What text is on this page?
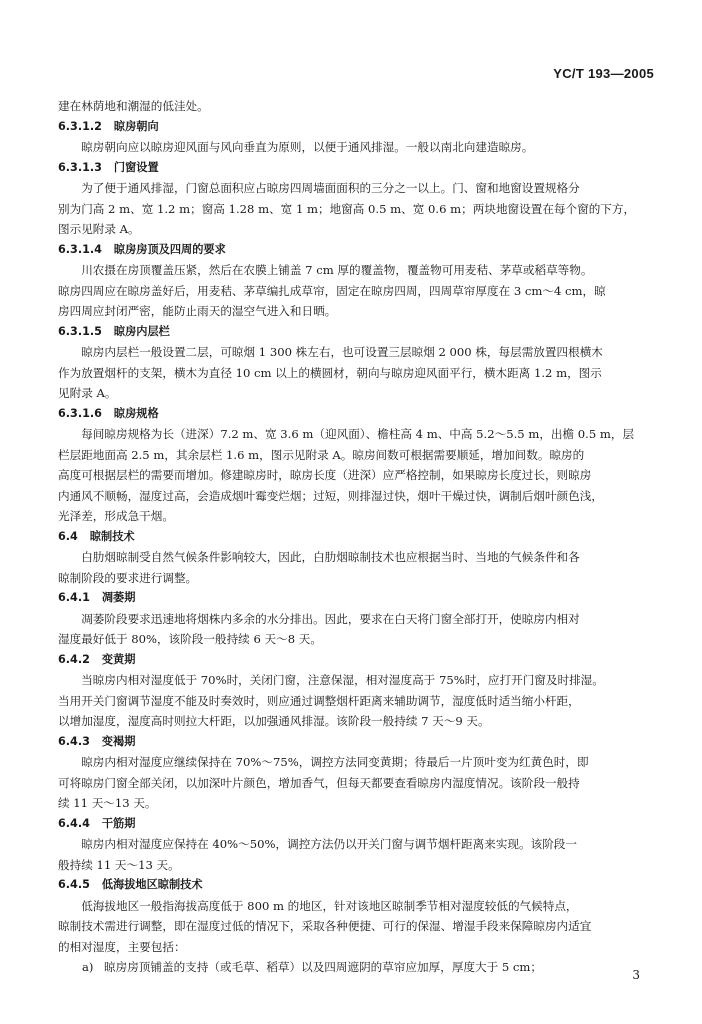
YC/T 193—2005

建在林荫地和潮湿的低洼处。

6.3.1.2 晾房朝向

晾房朝向应以晾房迎风面与风向垂直为原则，以便于通风排湿。一般以南北向建造晾房。

6.3.1.3 门窗设置

为了便于通风排湿，门窗总面积应占晾房四周墙面面积的三分之一以上。门、窗和地窗设置规格分

别为门高 2 m、宽 1.2 m；窗高 1.28 m、宽 1 m；地窗高 0.5 m、宽 0.6 m；两块地窗设置在每个窗的下方，

图示见附录 A。

6.3.1.4 晾房房顶及四周的要求

川农摄在房顶覆盖压紧，然后在农膜上铺盖 7 cm 厚的覆盖物，覆盖物可用麦秸、茅草或稻草等物。

晾房四周应在晾房盖好后，用麦秸、茅草编扎成草帘，固定在晾房四周，四周草帘厚度在 3 cm～4 cm，晾

房四周应封闭严密，能防止雨天的湿空气进入和日晒。

6.3.1.5 晾房内层栏

晾房内层栏一般设置二层，可晾烟 1 300 株左右，也可设置三层晾烟 2 000 株，每层需放置四根横木

作为放置烟杆的支架，横木为直径 10 cm 以上的横圆材，朝向与晾房迎风面平行，横木距离 1.2 m，图示

见附录 A。

6.3.1.6 晾房规格

每间晾房规格为长（进深）7.2 m、宽 3.6 m（迎风面）、檐柱高 4 m、中高 5.2～5.5 m，出檐 0.5 m，层

栏层距地面高 2.5 m，其余层栏 1.6 m，图示见附录 A。晾房间数可根据需要顺延，增加间数。晾房的

高度可根据层栏的需要而增加。修建晾房时，晾房长度（进深）应严格控制，如果晾房长度过长，则晾房

内通风不顺畅，湿度过高，会造成烟叶霉变烂烟；过短，则排湿过快，烟叶干燥过快，调制后烟叶颜色浅，

光泽差，形成急干烟。

6.4 晾制技术

白肋烟晾制受自然气候条件影响较大，因此，白肋烟晾制技术也应根据当时、当地的气候条件和各

晾制阶段的要求进行调整。

6.4.1 凋萎期

凋萎阶段要求迅速地将烟株内多余的水分排出。因此，要求在白天将门窗全部打开，使晾房内相对

湿度最好低于 80%，该阶段一般持续 6 天～8 天。

6.4.2 变黄期

当晾房内相对湿度低于 70%时，关闭门窗，注意保湿，相对湿度高于 75%时，应打开门窗及时排湿。

当用开关门窗调节湿度不能及时奏效时，则应通过调整烟杆距离来辅助调节，湿度低时适当缩小杆距，

以增加湿度，湿度高时则拉大杆距，以加强通风排湿。该阶段一般持续 7 天～9 天。

6.4.3 变褐期

晾房内相对湿度应继续保持在 70%～75%，调控方法同变黄期；待最后一片顶叶变为红黄色时，即

可将晾房门窗全部关闭，以加深叶片颜色，增加香气，但每天都要查看晾房内湿度情况。该阶段一般持

续 11 天～13 天。

6.4.4 干筋期

晾房内相对湿度应保持在 40%～50%，调控方法仍以开关门窗与调节烟杆距离来实现。该阶段一

般持续 11 天～13 天。

6.4.5 低海拔地区晾制技术

低海拔地区一般指海拔高度低于 800 m 的地区，针对该地区晾制季节相对湿度较低的气候特点，

晾制技术需进行调整，即在湿度过低的情况下，采取各种便捷、可行的保湿、增湿手段来保障晾房内适宜

的相对湿度，主要包括：

a) 晾房房顶铺盖的支持（或毛草、稻草）以及四周遮阴的草帘应加厚，厚度大于 5 cm；

3
